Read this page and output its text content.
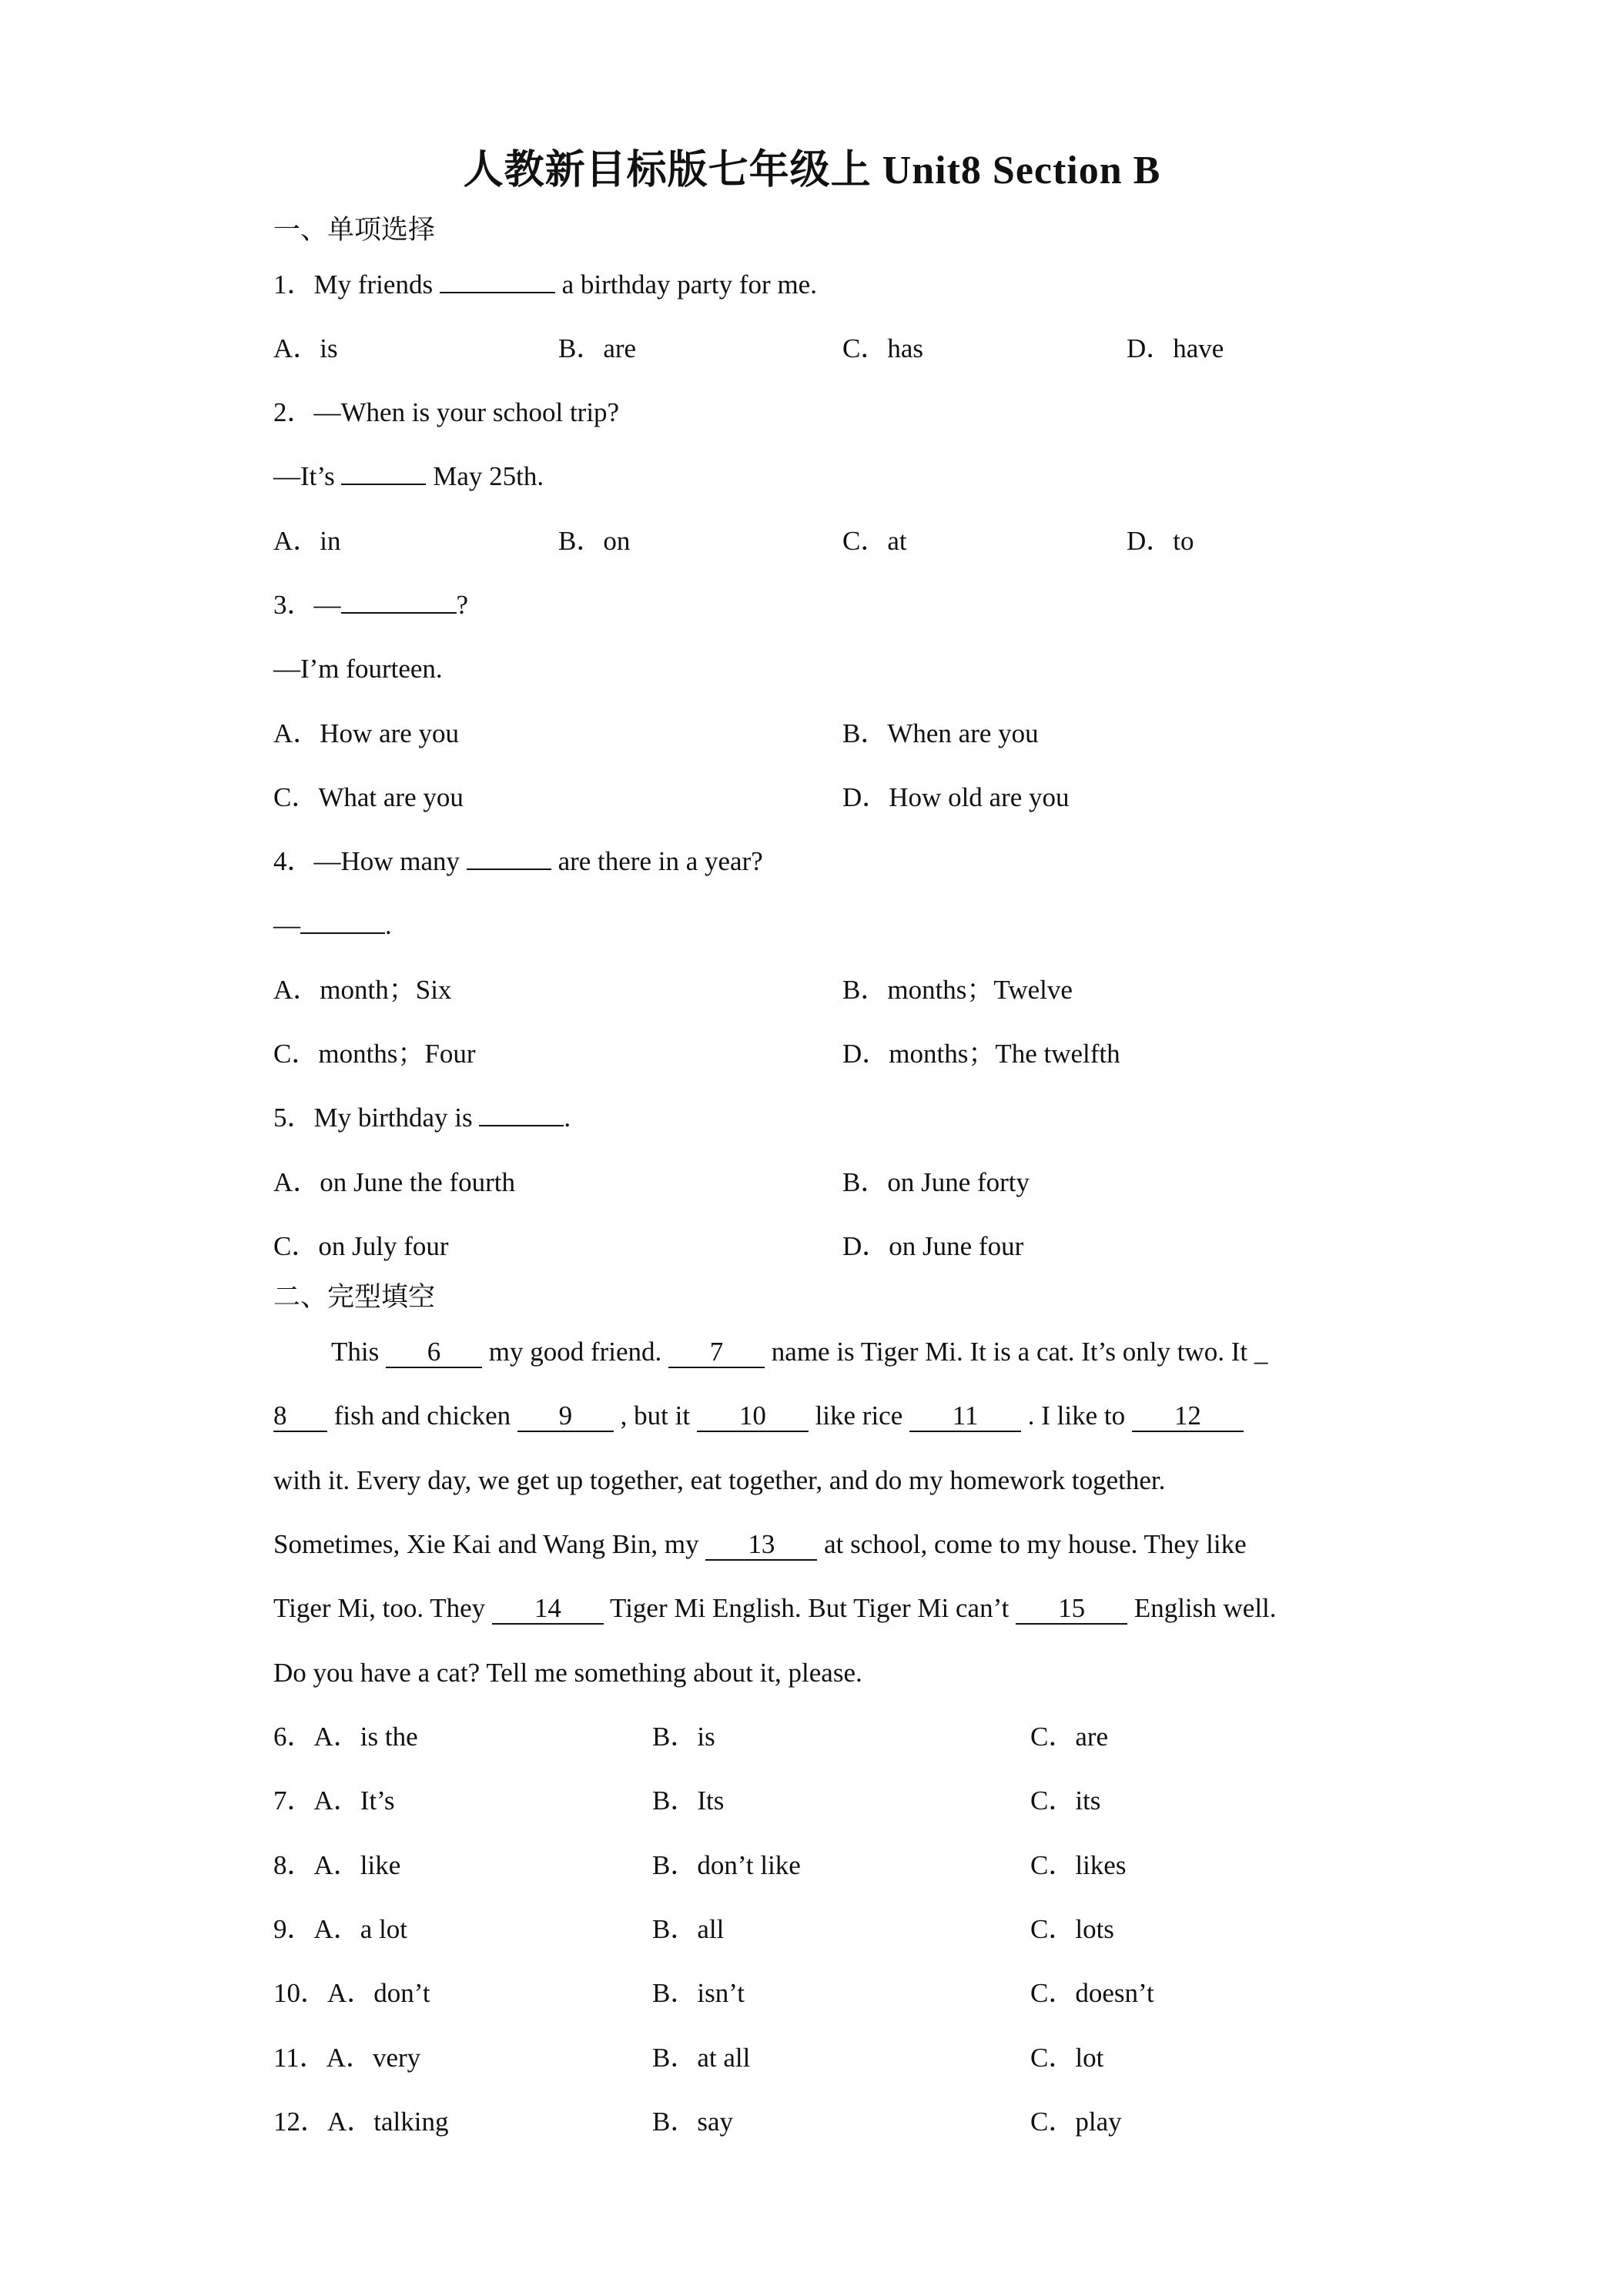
人教新目标版七年级上 Unit8 Section B
一、单项选择
1．My friends	a birthday party for me.
A．is	B．are	C．has	D．have
2．—When is your school trip?
—It’s	May 25th.
A．in	B．on	C．at	D．to
3．—	?
—I’m fourteen.
A．How are you	B．When are you
C．What are you	D．How old are you
4．—How many	are there in a year?
—	.
A．month；Six	B．months；Twelve
C．months；Four	D．months；The twelfth
5．My birthday is	.
A．on June the fourth	B．on June forty
C．on July four	D．on June four
二、完型填空
This 6 my good friend. 7 name is Tiger Mi. It is a cat. It’s only two. It _
8 fish and chicken 9 , but it 10 like rice 11 . I like to 12
with it. Every day, we get up together, eat together, and do my homework together.
Sometimes, Xie Kai and Wang Bin, my 13 at school, come to my house. They like
Tiger Mi, too. They 14 Tiger Mi English. But Tiger Mi can’t 15 English well.
Do you have a cat? Tell me something about it, please.
6．A．is the	B．is	C．are
7．A．It’s	B．Its	C．its
8．A．like	B．don’t like	C．likes
9．A．a lot	B．all	C．lots
10．A．don’t	B．isn’t	C．doesn’t
11．A．very	B．at all	C．lot
12．A．talking	B．say	C．play
